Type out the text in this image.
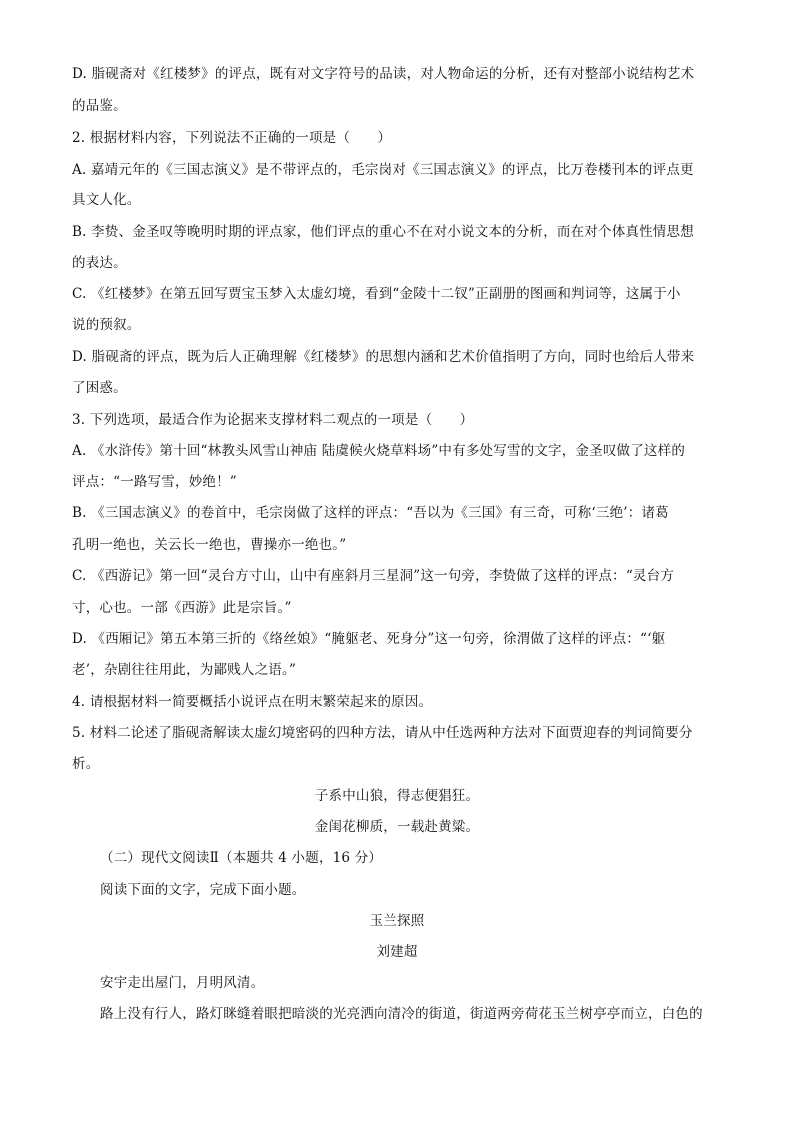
D. 脂砚斋对《红楼梦》的评点，既有对文字符号的品读，对人物命运的分析，还有对整部小说结构艺术
的品鉴。
2. 根据材料内容，下列说法不正确的一项是（　　）
A. 嘉靖元年的《三国志演义》是不带评点的，毛宗岗对《三国志演义》的评点，比万卷楼刊本的评点更
具文人化。
B. 李贽、金圣叹等晚明时期的评点家，他们评点的重心不在对小说文本的分析，而在对个体真性情思想
的表达。
C. 《红楼梦》在第五回写贾宝玉梦入太虚幻境，看到“金陵十二钗”正副册的图画和判词等，这属于小
说的预叙。
D. 脂砚斋的评点，既为后人正确理解《红楼梦》的思想内涵和艺术价值指明了方向，同时也给后人带来
了困惑。
3. 下列选项，最适合作为论据来支撑材料二观点的一项是（　　）
A. 《水浒传》第十回“林教头风雪山神庙 陆虞候火烧草料场”中有多处写雪的文字，金圣叹做了这样的
评点：“一路写雪，妙绝！”
B. 《三国志演义》的卷首中，毛宗岗做了这样的评点：“吾以为《三国》有三奇，可称‘三绝’：诸葛
孔明一绝也，关云长一绝也，曹操亦一绝也。”
C. 《西游记》第一回“灵台方寸山，山中有座斜月三星洞”这一句旁，李贽做了这样的评点：“灵台方
寸，心也。一部《西游》此是宗旨。”
D. 《西厢记》第五本第三折的《络丝娘》“腌躯老、死身分”这一句旁，徐渭做了这样的评点：“‘躯
老’，杂剧往往用此，为鄙贱人之语。”
4. 请根据材料一简要概括小说评点在明末繁荣起来的原因。
5. 材料二论述了脂砚斋解读太虚幻境密码的四种方法，请从中任选两种方法对下面贾迎春的判词简要分
析。
子系中山狼，得志便猖狂。
金闺花柳质，一载赴黄粱。
（二）现代文阅读Ⅱ（本题共 4 小题，16 分）
阅读下面的文字，完成下面小题。
玉兰探照
刘建超
安宇走出屋门，月明风清。
路上没有行人，路灯眯缝着眼把暗淡的光亮洒向清冷的街道，街道两旁荷花玉兰树亭亭而立，白色的
